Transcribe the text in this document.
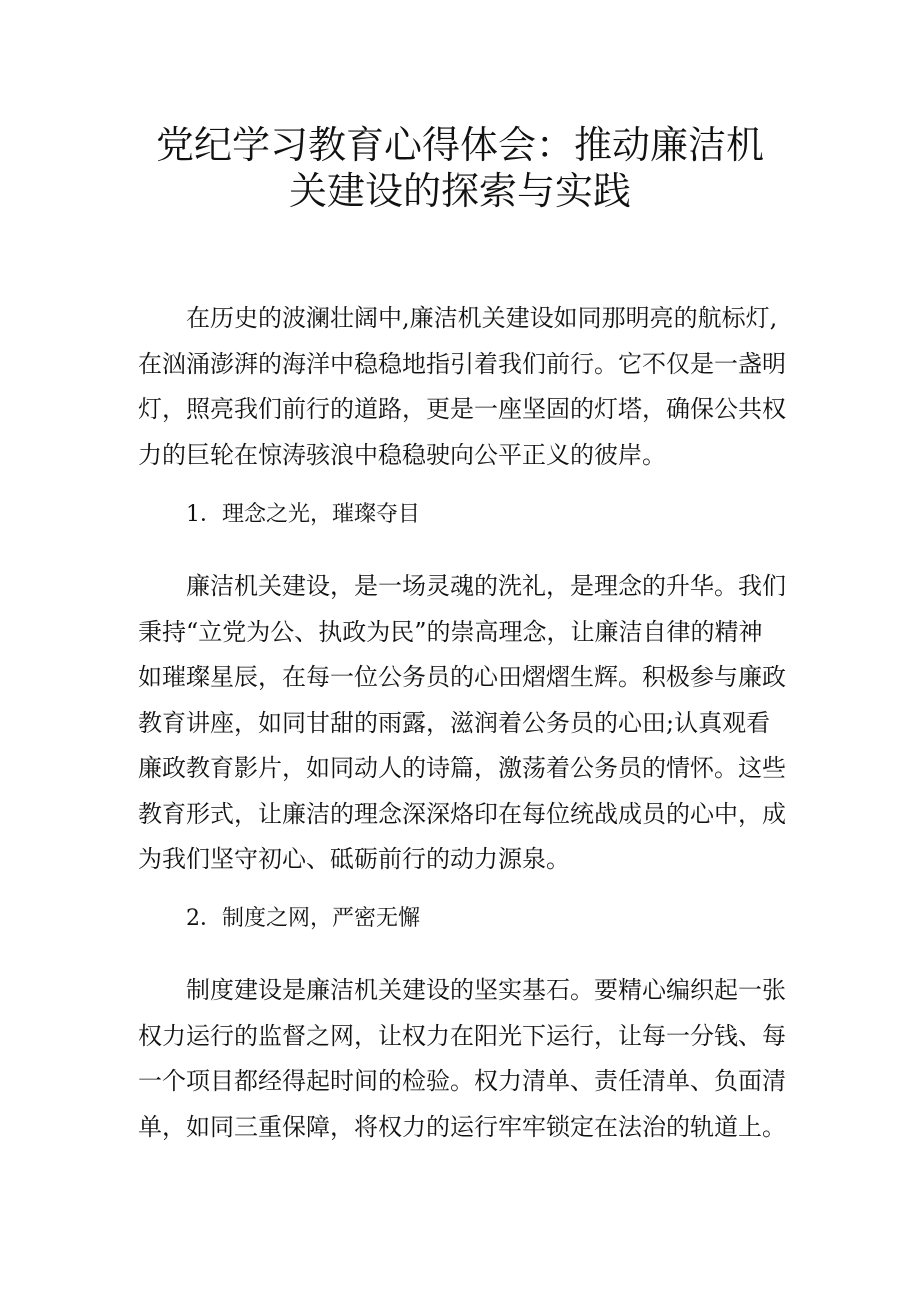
党纪学习教育心得体会：推动廉洁机
关建设的探索与实践

在历史的波澜壮阔中,廉洁机关建设如同那明亮的航标灯,
在汹涌澎湃的海洋中稳稳地指引着我们前行。它不仅是一盏明
灯，照亮我们前行的道路，更是一座坚固的灯塔，确保公共权
力的巨轮在惊涛骇浪中稳稳驶向公平正义的彼岸。

1．理念之光，璀璨夺目

廉洁机关建设，是一场灵魂的洗礼，是理念的升华。我们
秉持“立党为公、执政为民”的崇高理念，让廉洁自律的精神
如璀璨星辰，在每一位公务员的心田熠熠生辉。积极参与廉政
教育讲座，如同甘甜的雨露，滋润着公务员的心田;认真观看
廉政教育影片，如同动人的诗篇，激荡着公务员的情怀。这些
教育形式，让廉洁的理念深深烙印在每位统战成员的心中，成
为我们坚守初心、砥砺前行的动力源泉。

2．制度之网，严密无懈

制度建设是廉洁机关建设的坚实基石。要精心编织起一张
权力运行的监督之网，让权力在阳光下运行，让每一分钱、每
一个项目都经得起时间的检验。权力清单、责任清单、负面清
单，如同三重保障，将权力的运行牢牢锁定在法治的轨道上。
